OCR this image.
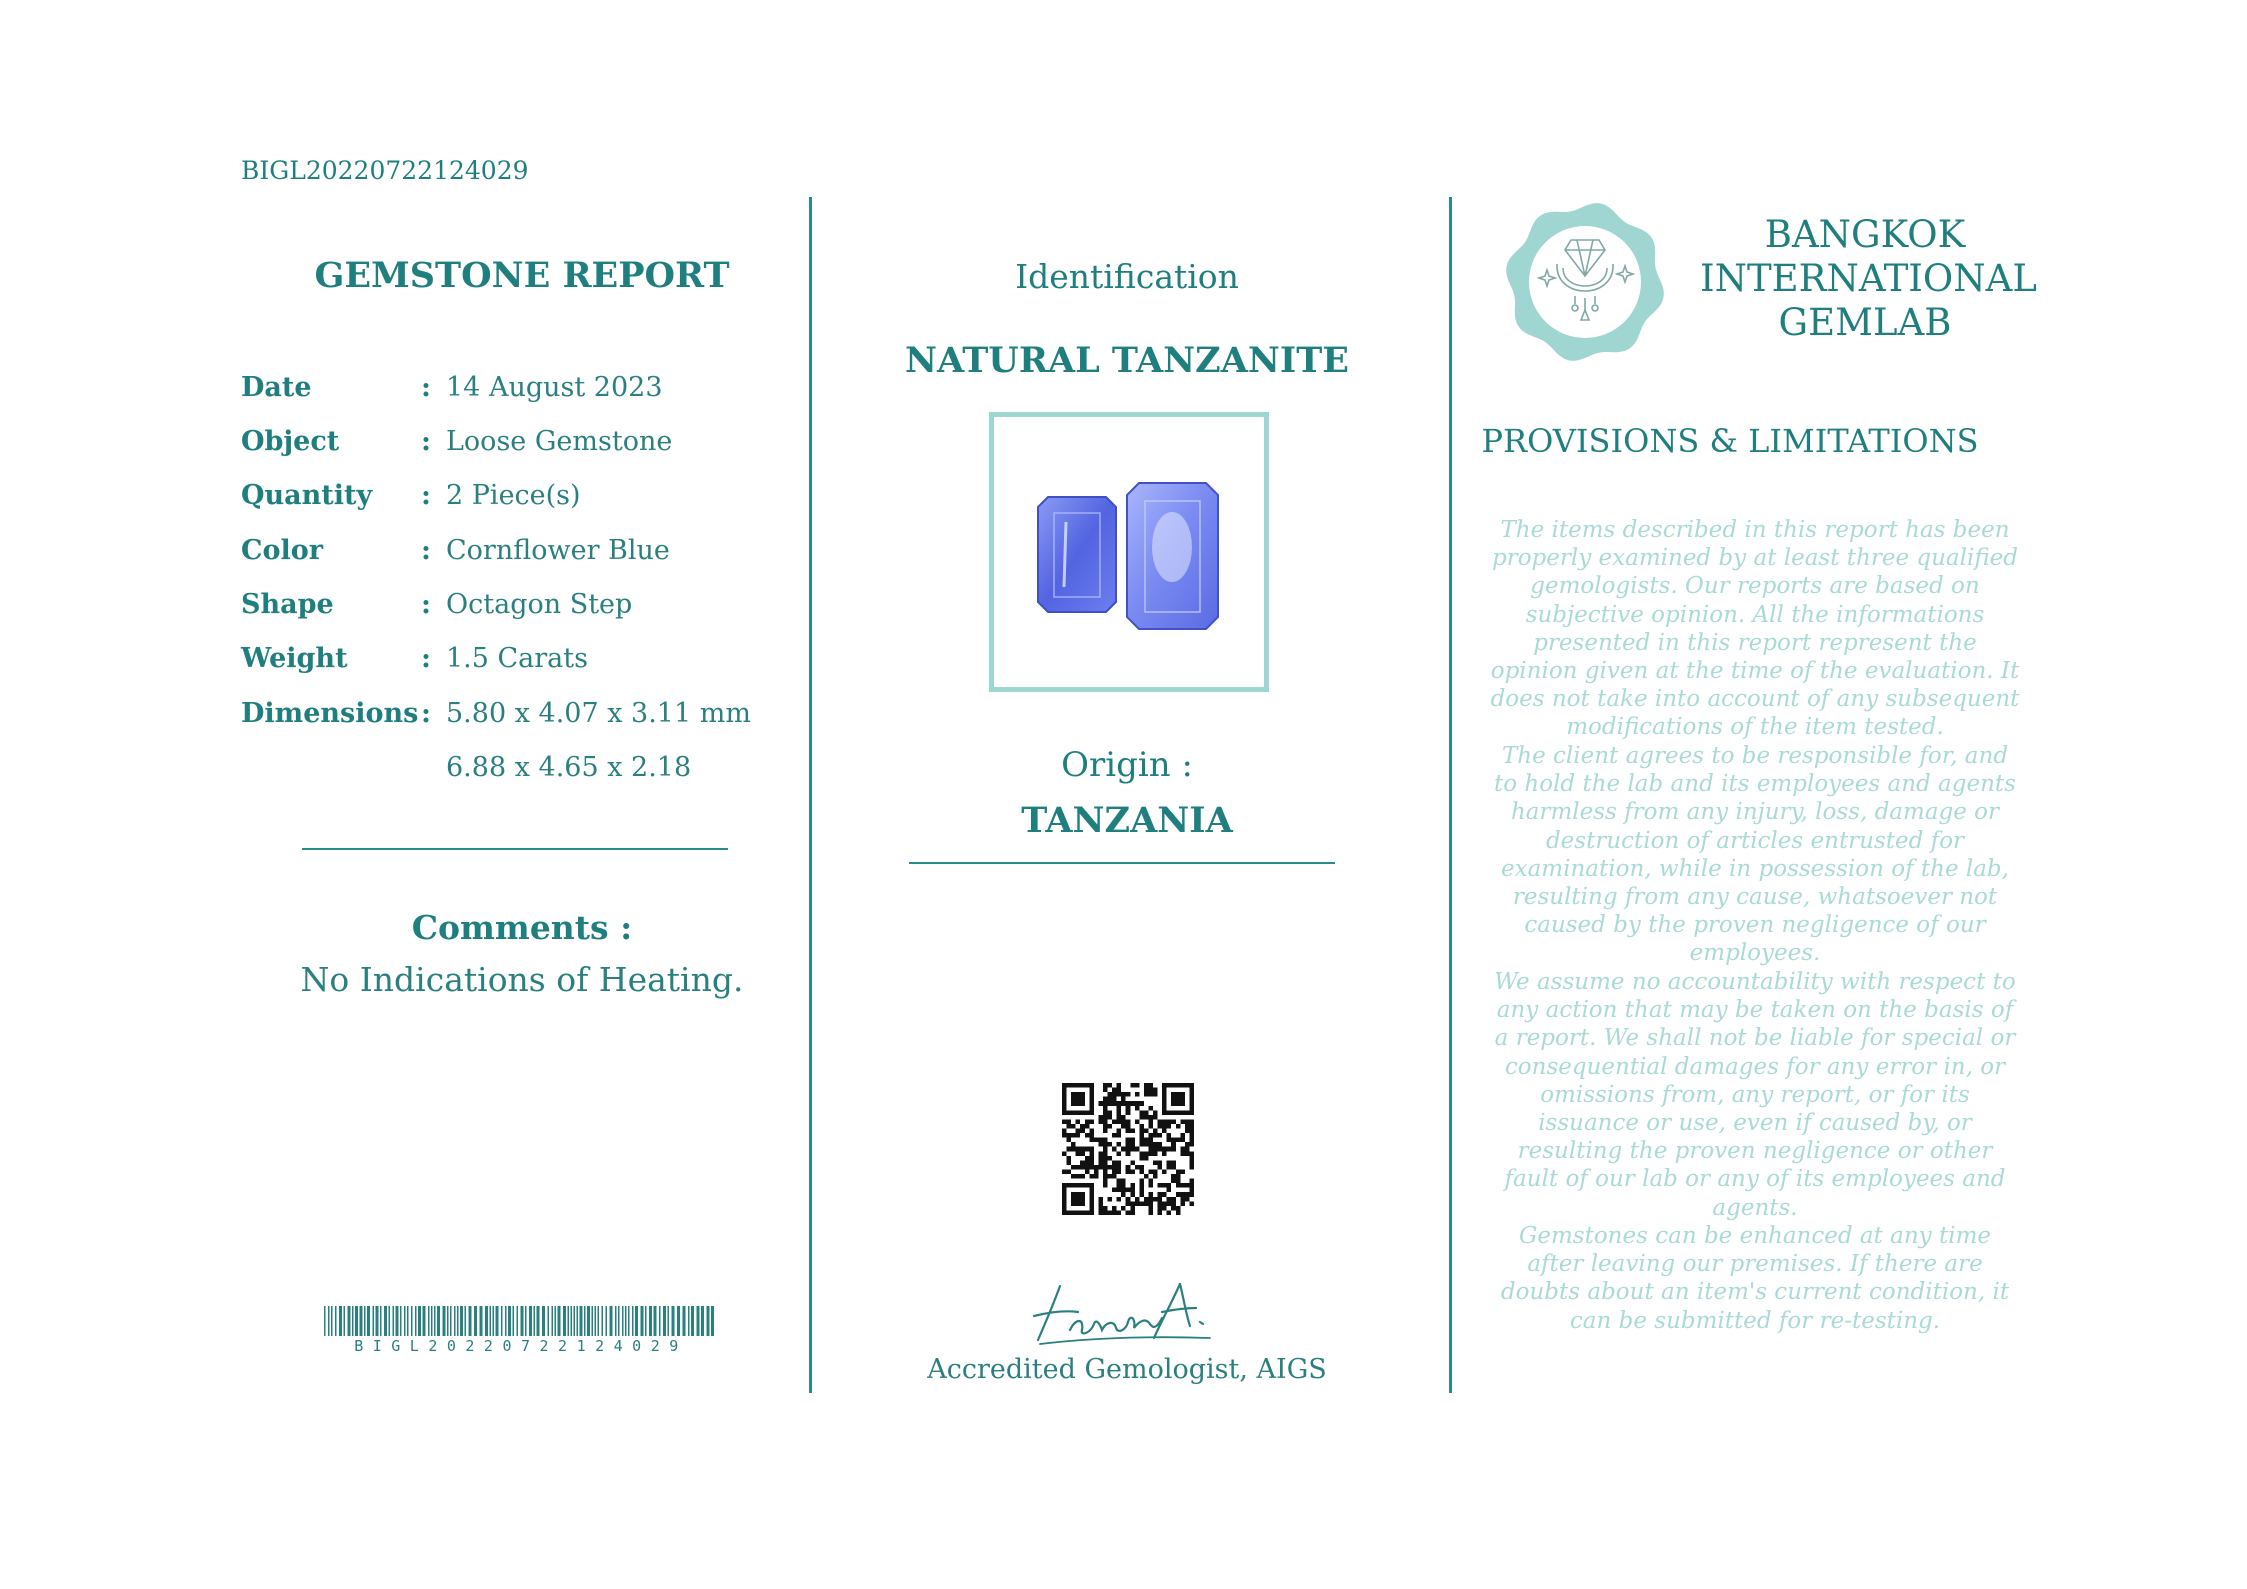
BIGL20220722124029
GEMSTONE REPORT
Date	: 14 August 2023
Object	: Loose Gemstone
Quantity : 2 Piece(s)
Color	: Cornflower Blue
Shape	: Octagon Step
Weight	: 1.5 Carats
Dimensions : 5.80 x 4.07 x 3.11 mm
6.88 x 4.65 x 2.18
Comments :
No Indications of Heating.
BIGL20220722124029
Identification
NATURAL TANZANITE
Origin :
TANZANIA
Accredited Gemologist, AIGS
BANGKOK
INTERNATIONAL
GEMLAB
PROVISIONS & LIMITATIONS
The items described in this report has been properly examined by at least three qualified gemologists. Our reports are based on subjective opinion. All the informations presented in this report represent the opinion given at the time of the evaluation. It does not take into account of any subsequent modifications of the item tested.
The client agrees to be responsible for, and to hold the lab and its employees and agents harmless from any injury, loss, damage or destruction of articles entrusted for examination, while in possession of the lab, resulting from any cause, whatsoever not caused by the proven negligence of our employees.
We assume no accountability with respect to any action that may be taken on the basis of a report. We shall not be liable for special or consequential damages for any error in, or omissions from, any report, or for its issuance or use, even if caused by, or resulting the proven negligence or other fault of our lab or any of its employees and agents.
Gemstones can be enhanced at any time after leaving our premises. If there are doubts about an item's current condition, it can be submitted for re-testing.
